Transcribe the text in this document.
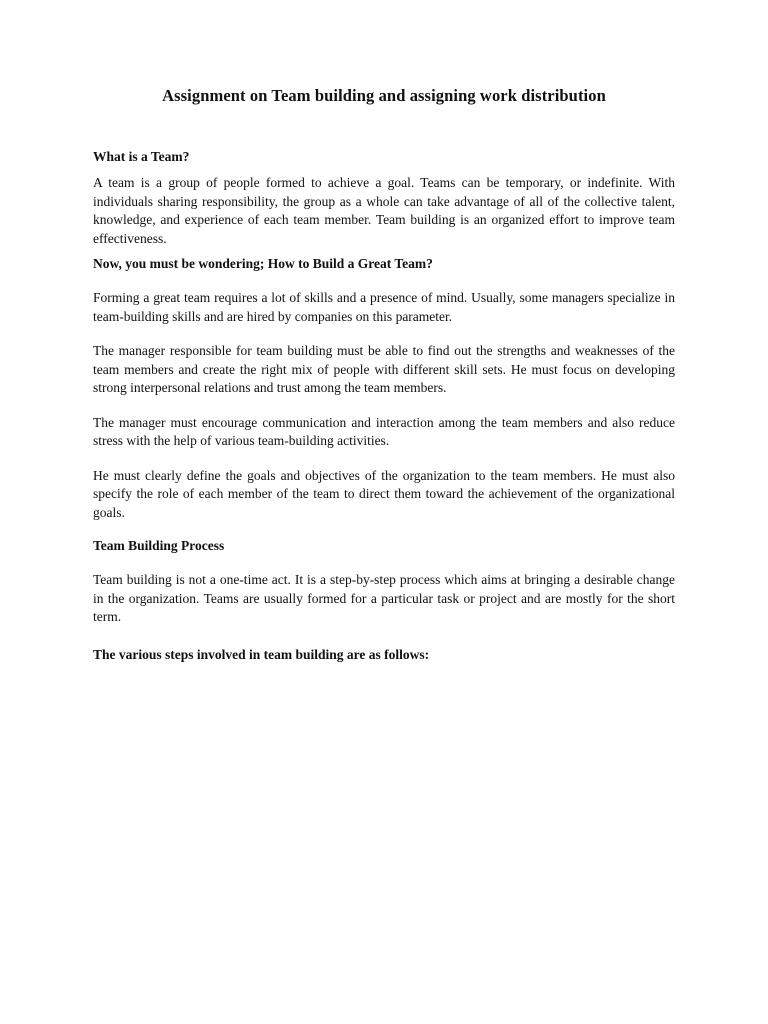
Assignment on Team building and assigning work distribution
What is a Team?

A team is a group of people formed to achieve a goal. Teams can be temporary, or indefinite. With individuals sharing responsibility, the group as a whole can take advantage of all of the collective talent, knowledge, and experience of each team member. Team building is an organized effort to improve team effectiveness.

Now, you must be wondering; How to Build a Great Team?

Forming a great team requires a lot of skills and a presence of mind. Usually, some managers specialize in team-building skills and are hired by companies on this parameter.

The manager responsible for team building must be able to find out the strengths and weaknesses of the team members and create the right mix of people with different skill sets. He must focus on developing strong interpersonal relations and trust among the team members.

The manager must encourage communication and interaction among the team members and also reduce stress with the help of various team-building activities.

He must clearly define the goals and objectives of the organization to the team members. He must also specify the role of each member of the team to direct them toward the achievement of the organizational goals.

Team Building Process

Team building is not a one-time act. It is a step-by-step process which aims at bringing a desirable change in the organization. Teams are usually formed for a particular task or project and are mostly for the short term.

The various steps involved in team building are as follows:
